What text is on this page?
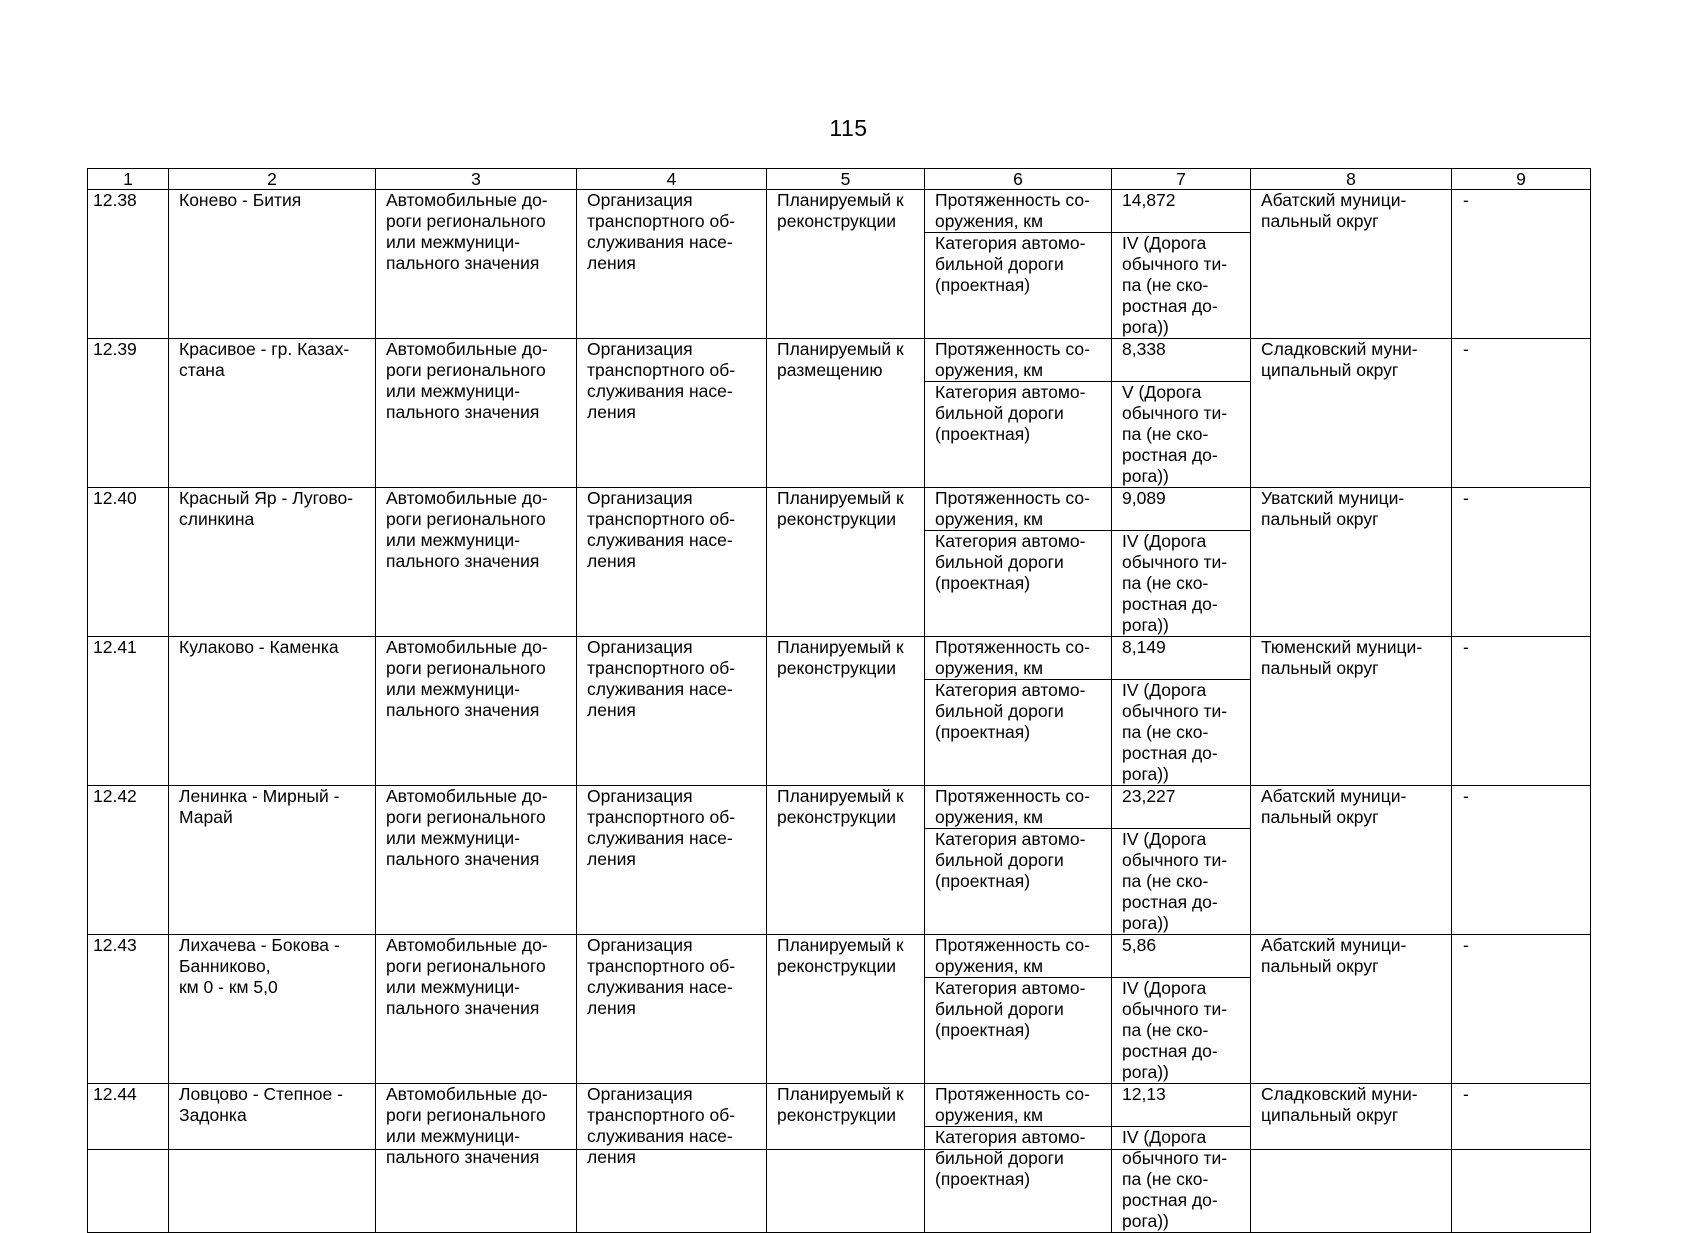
115
1	2	3	4	5	6	7	8	9

12.38	Конево - Бития	Автомобильные до-
роги регионального
или межмуници-
пального значения	Организация
транспортного об-
служивания насе-
ления	Планируемый к
реконструкции	Протяженность со-
оружения, км	14,872	Абатский муници-
пальный округ	-

					Категория автомо-
бильной дороги
(проектная)	IV (Дорога
обычного ти-
па (не ско-
ростная до-
рога))		

12.39	Красивое - гр. Казах-
стана	Автомобильные до-
роги регионального
или межмуници-
пального значения	Организация
транспортного об-
служивания насе-
ления	Планируемый к
размещению	Протяженность со-
оружения, км	8,338	Сладковский муни-
ципальный округ	-

					Категория автомо-
бильной дороги
(проектная)	V (Дорога
обычного ти-
па (не ско-
ростная до-
рога))		

12.40	Красный Яр - Лугово-
слинкина	Автомобильные до-
роги регионального
или межмуници-
пального значения	Организация
транспортного об-
служивания насе-
ления	Планируемый к
реконструкции	Протяженность со-
оружения, км	9,089	Уватский муници-
пальный округ	-

					Категория автомо-
бильной дороги
(проектная)	IV (Дорога
обычного ти-
па (не ско-
ростная до-
рога))		

12.41	Кулаково - Каменка	Автомобильные до-
роги регионального
или межмуници-
пального значения	Организация
транспортного об-
служивания насе-
ления	Планируемый к
реконструкции	Протяженность со-
оружения, км	8,149	Тюменский муници-
пальный округ	-

					Категория автомо-
бильной дороги
(проектная)	IV (Дорога
обычного ти-
па (не ско-
ростная до-
рога))		

12.42	Ленинка - Мирный -
Марай	Автомобильные до-
роги регионального
или межмуници-
пального значения	Организация
транспортного об-
служивания насе-
ления	Планируемый к
реконструкции	Протяженность со-
оружения, км	23,227	Абатский муници-
пальный округ	-

					Категория автомо-
бильной дороги
(проектная)	IV (Дорога
обычного ти-
па (не ско-
ростная до-
рога))		

12.43	Лихачева - Бокова -
Банниково,
км 0 - км 5,0	Автомобильные до-
роги регионального
или межмуници-
пального значения	Организация
транспортного об-
служивания насе-
ления	Планируемый к
реконструкции	Протяженность со-
оружения, км	5,86	Абатский муници-
пальный округ	-

					Категория автомо-
бильной дороги
(проектная)	IV (Дорога
обычного ти-
па (не ско-
ростная до-
рога))		

12.44	Ловцово - Степное -
Задонка	Автомобильные до-
роги регионального
или межмуници-
пального значения	Организация
транспортного об-
служивания насе-
ления	Планируемый к
реконструкции	Протяженность со-
оружения, км	12,13	Сладковский муни-
ципальный округ	-

					Категория автомо-
бильной дороги
(проектная)	IV (Дорога
обычного ти-
па (не ско-
ростная до-
рога))		
